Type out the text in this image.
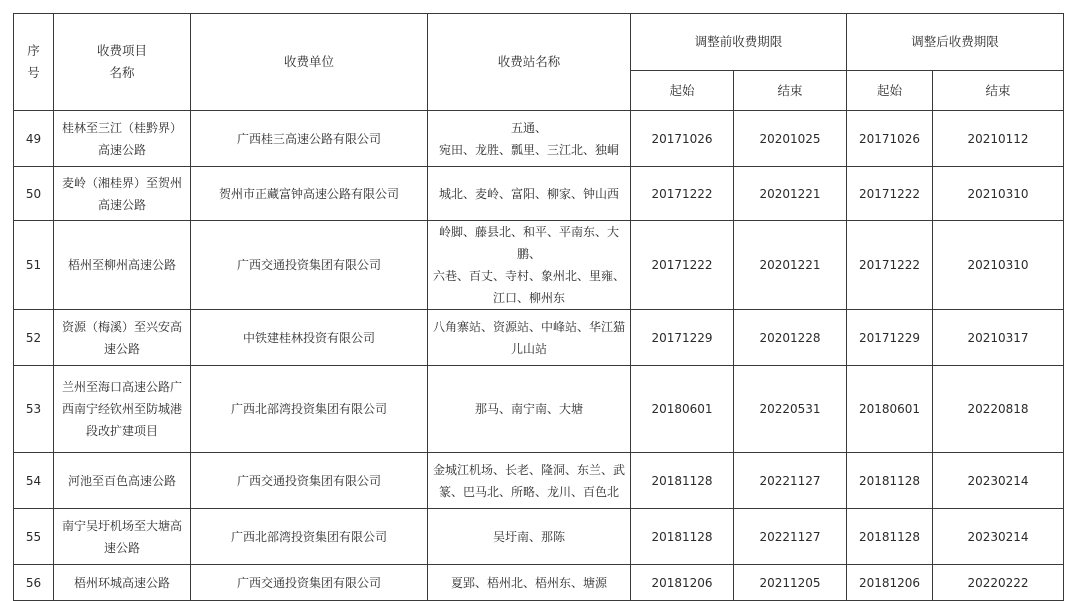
序
号	收费项目
名称	收费单位	收费站名称	调整前收费期限		调整后收费期限	
				起始	结束	起始	结束
49	桂林至三江（桂黔界）
高速公路	广西桂三高速公路有限公司	五通、
宛田、龙胜、瓢里、三江北、独峒	20171026	20201025	20171026	20210112
50	麦岭（湘桂界）至贺州
高速公路	贺州市正藏富钟高速公路有限公司	城北、麦岭、富阳、柳家、钟山西	20171222	20201221	20171222	20210310
51	梧州至柳州高速公路	广西交通投资集团有限公司	岭脚、藤县北、和平、平南东、大鹏、
六巷、百丈、寺村、象州北、里雍、
江口、柳州东	20171222	20201221	20171222	20210310
52	资源（梅溪）至兴安高
速公路	中铁建桂林投资有限公司	八角寨站、资源站、中峰站、华江猫
儿山站	20171229	20201228	20171229	20210317
53	兰州至海口高速公路广
西南宁经钦州至防城港
段改扩建项目	广西北部湾投资集团有限公司	那马、南宁南、大塘	20180601	20220531	20180601	20220818
54	河池至百色高速公路	广西交通投资集团有限公司	金城江机场、长老、隆洞、东兰、武
篆、巴马北、所略、龙川、百色北	20181128	20221127	20181128	20230214
55	南宁吴圩机场至大塘高
速公路	广西北部湾投资集团有限公司	吴圩南、那陈	20181128	20221127	20181128	20230214
56	梧州环城高速公路	广西交通投资集团有限公司	夏郢、梧州北、梧州东、塘源	20181206	20211205	20181206	20220222
